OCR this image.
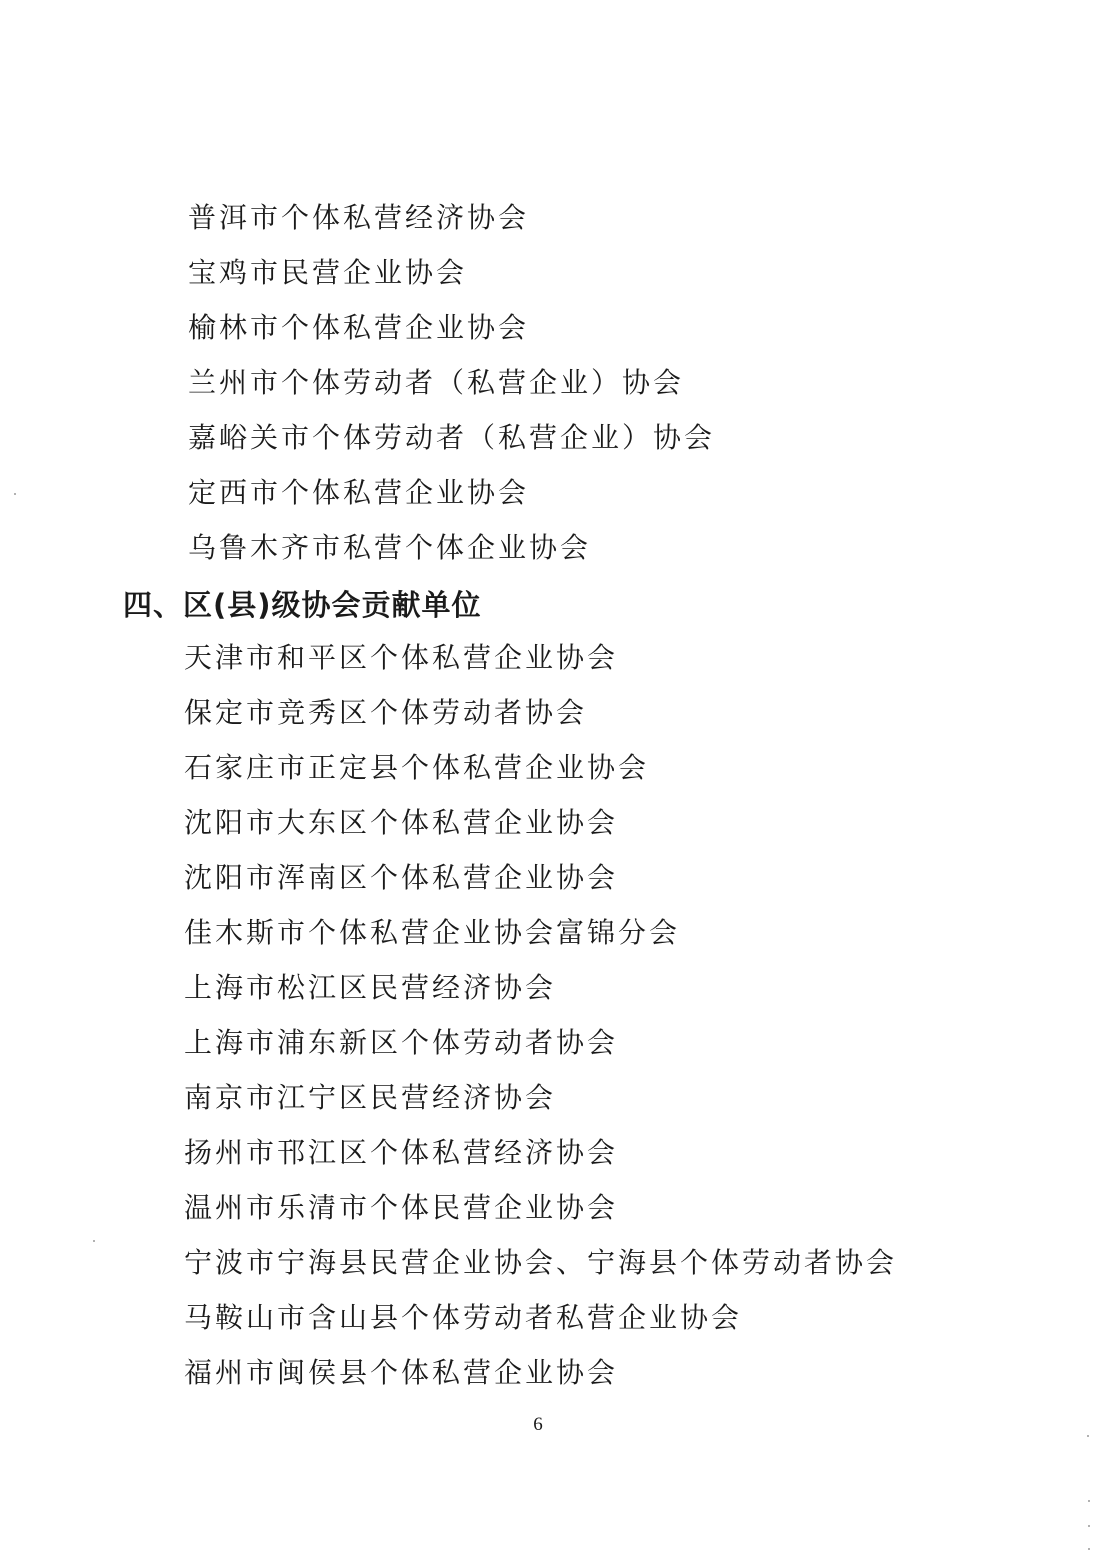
普洱市个体私营经济协会
宝鸡市民营企业协会
榆林市个体私营企业协会
兰州市个体劳动者（私营企业）协会
嘉峪关市个体劳动者（私营企业）协会
定西市个体私营企业协会
乌鲁木齐市私营个体企业协会
四、区(县)级协会贡献单位
天津市和平区个体私营企业协会
保定市竞秀区个体劳动者协会
石家庄市正定县个体私营企业协会
沈阳市大东区个体私营企业协会
沈阳市浑南区个体私营企业协会
佳木斯市个体私营企业协会富锦分会
上海市松江区民营经济协会
上海市浦东新区个体劳动者协会
南京市江宁区民营经济协会
扬州市邗江区个体私营经济协会
温州市乐清市个体民营企业协会
宁波市宁海县民营企业协会、宁海县个体劳动者协会
马鞍山市含山县个体劳动者私营企业协会
福州市闽侯县个体私营企业协会
6
